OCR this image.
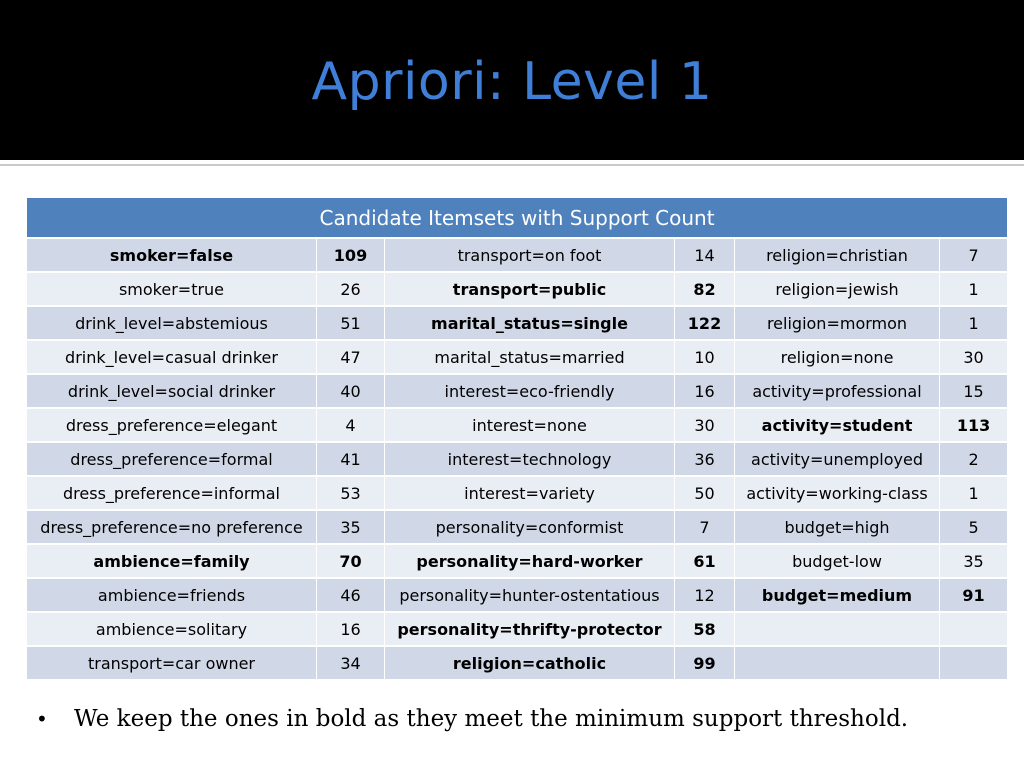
Apriori: Level 1
Candidate Itemsets with Support Count					
smoker=false	109	transport=on foot	14	religion=christian	7
smoker=true	26	transport=public	82	religion=jewish	1
drink_level=abstemious	51	marital_status=single	122	religion=mormon	1
drink_level=casual drinker	47	marital_status=married	10	religion=none	30
drink_level=social drinker	40	interest=eco-friendly	16	activity=professional	15
dress_preference=elegant	4	interest=none	30	activity=student	113
dress_preference=formal	41	interest=technology	36	activity=unemployed	2
dress_preference=informal	53	interest=variety	50	activity=working-class	1
dress_preference=no preference	35	personality=conformist	7	budget=high	5
ambience=family	70	personality=hard-worker	61	budget-low	35
ambience=friends	46	personality=hunter-ostentatious	12	budget=medium	91
ambience=solitary	16	personality=thrifty-protector	58		
transport=car owner	34	religion=catholic	99		
• We keep the ones in bold as they meet the minimum support threshold.
